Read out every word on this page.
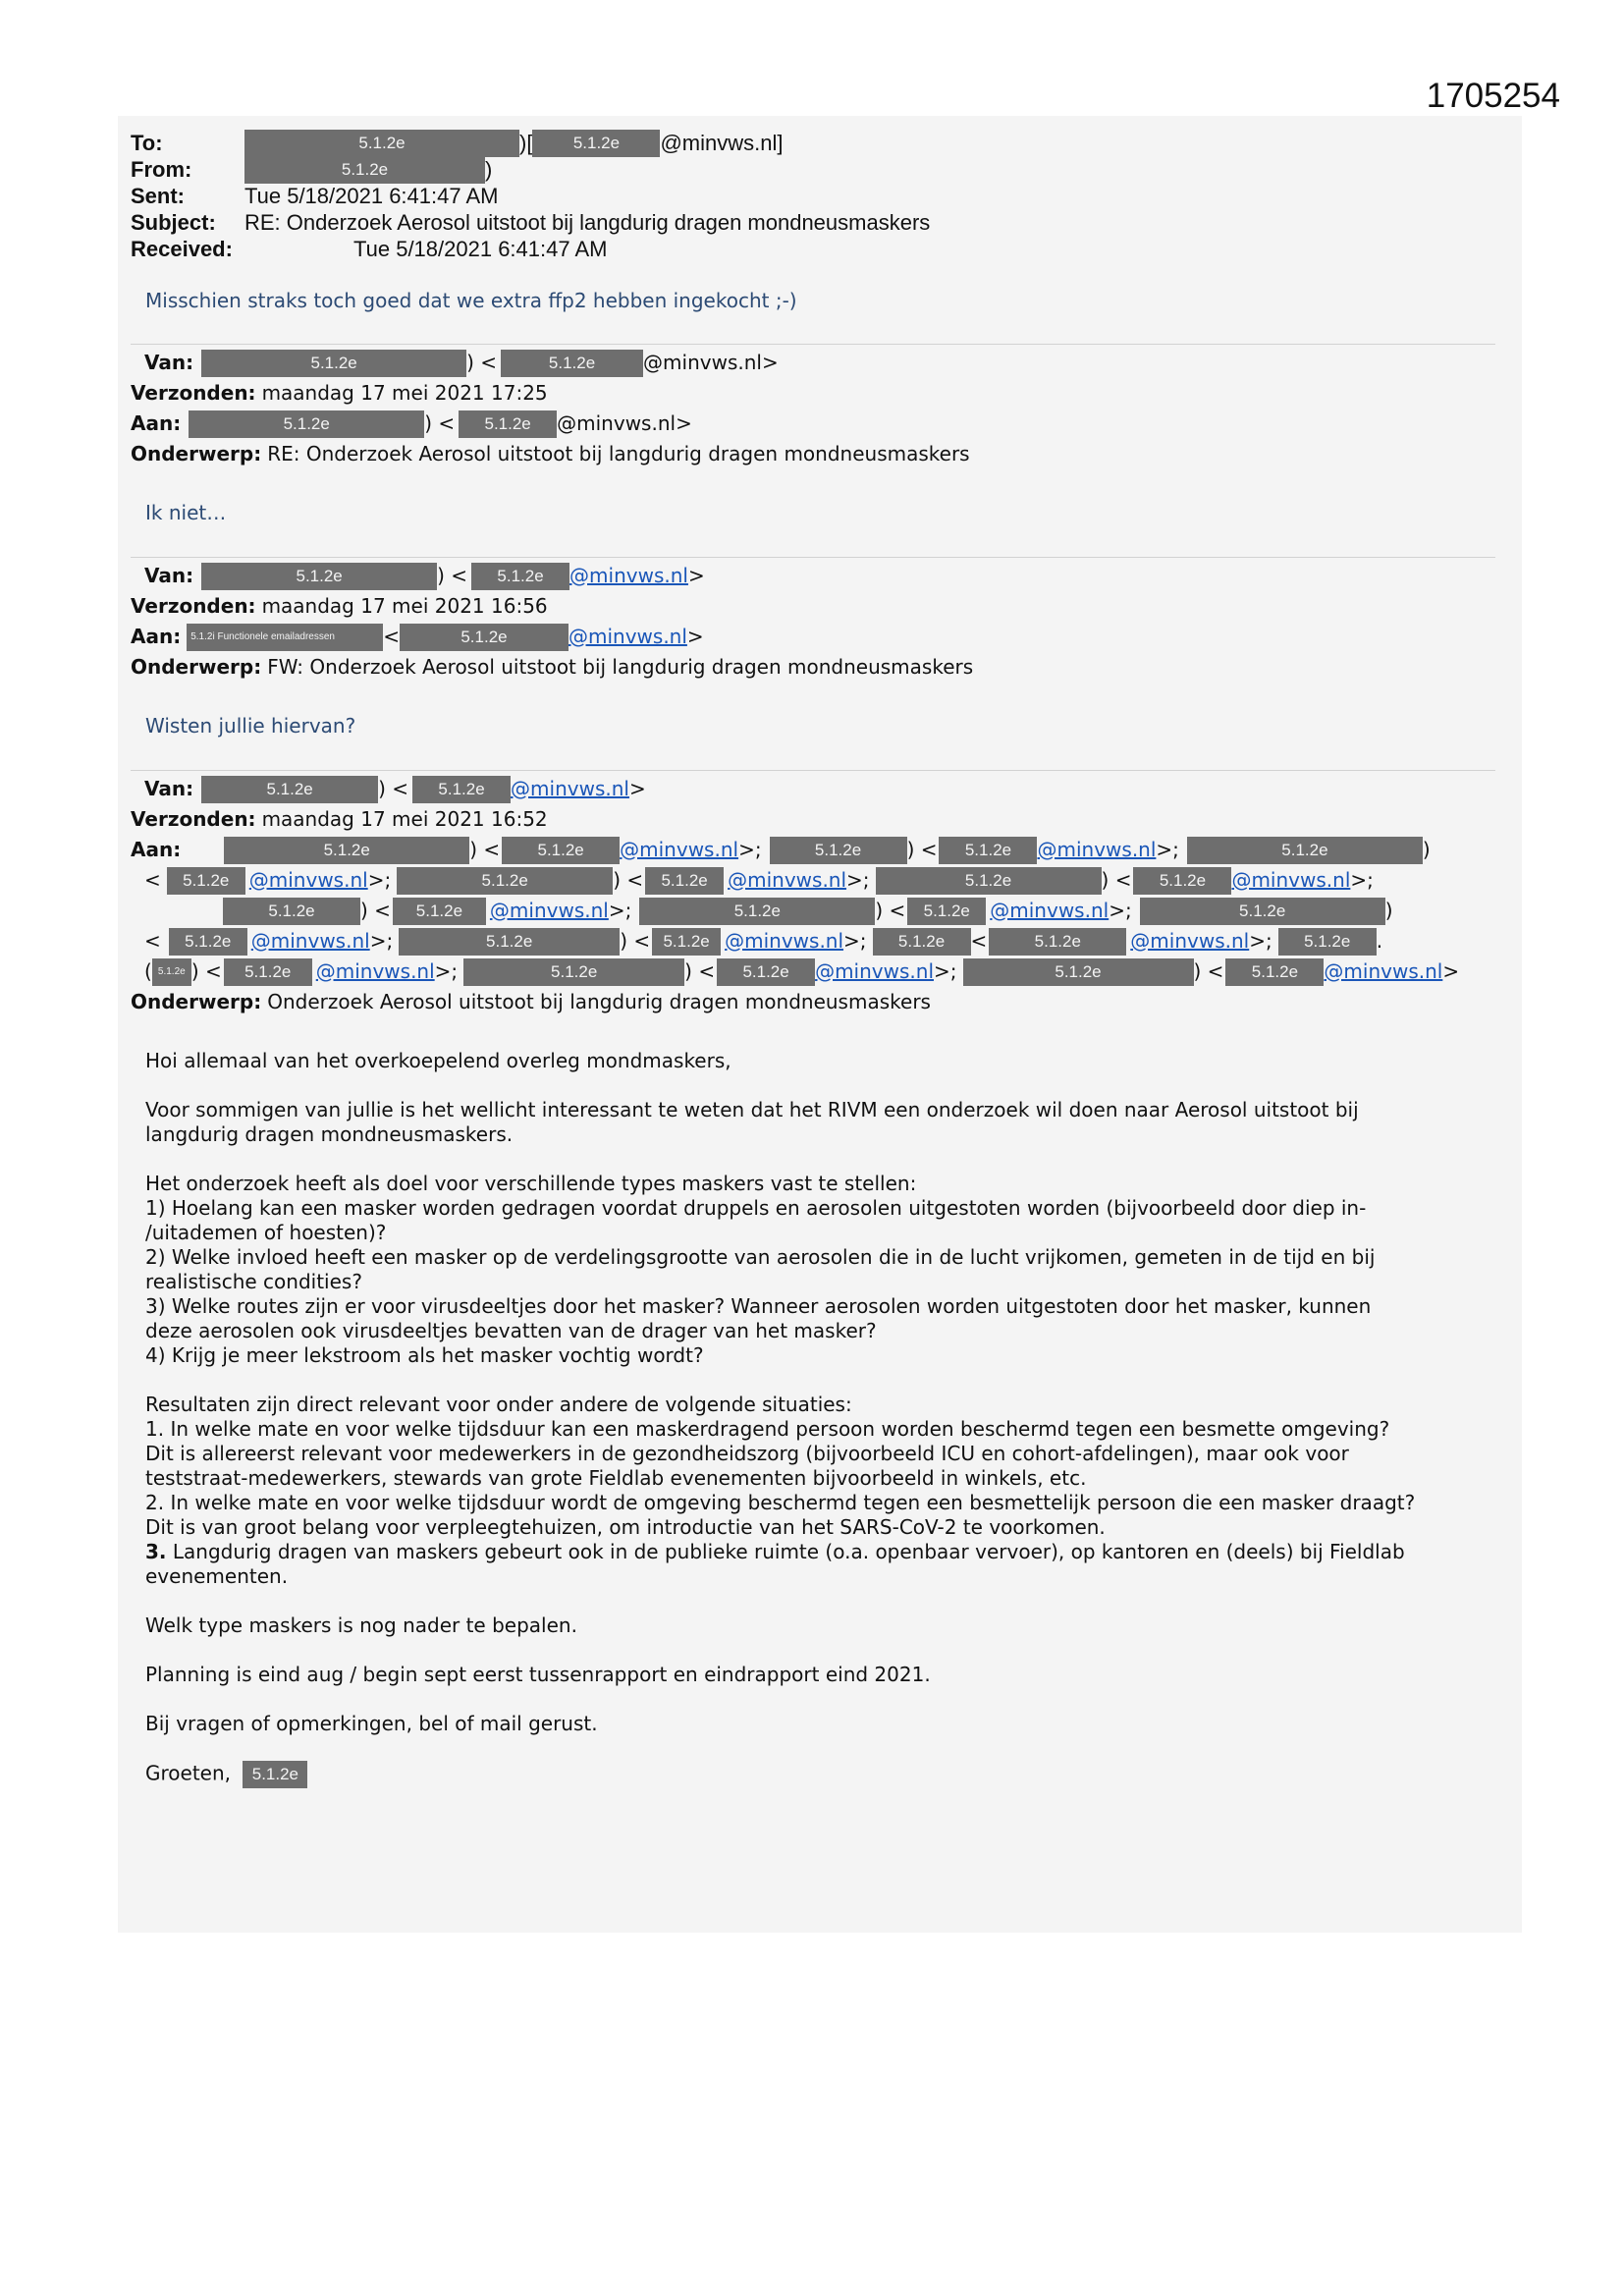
1705254
To:	5.1.2e	)[	5.1.2e	@minvws.nl]
From:	5.1.2e	)
Sent:	Tue 5/18/2021 6:41:47 AM
Subject:	RE: Onderzoek Aerosol uitstoot bij langdurig dragen mondneusmaskers
Received:	Tue 5/18/2021 6:41:47 AM
Misschien straks toch goed dat we extra ffp2 hebben ingekocht ;-)
Van:	5.1.2e	) <	5.1.2e	@minvws.nl >
Verzonden: maandag 17 mei 2021 17:25
Aan:	5.1.2e	) <	5.1.2e	@minvws.nl >
Onderwerp: RE: Onderzoek Aerosol uitstoot bij langdurig dragen mondneusmaskers
Ik niet…
Van:	5.1.2e	) <	5.1.2e	@minvws.nl >
Verzonden: maandag 17 mei 2021 16:56
Aan:	5.1.2i Functionele emailadressen	<	5.1.2e	@minvws.nl >
Onderwerp: FW: Onderzoek Aerosol uitstoot bij langdurig dragen mondneusmaskers
Wisten jullie hiervan?
Van:	5.1.2e	) <	5.1.2e	@minvws.nl >
Verzonden: maandag 17 mei 2021 16:52
Aan:	5.1.2e	) <	5.1.2e	@minvws.nl >;	5.1.2e	) <	5.1.2e	@minvws.nl >;	5.1.2e	)
<	5.1.2e	@minvws.nl >;	5.1.2e	) <	5.1.2e	@minvws.nl >;	5.1.2e	) <	5.1.2e	@minvws.nl >;
5.1.2e	) <	5.1.2e	@minvws.nl >;	5.1.2e	) <	5.1.2e	@minvws.nl >;	5.1.2e	)
<	5.1.2e	@minvws.nl >;	5.1.2e	) < 5.1.2e @minvws.nl >;	5.1.2e	<	5.1.2e	@minvws.nl >;	5.1.2e	.
( 5.1.2e ) <	5.1.2e	@minvws.nl >;	5.1.2e	) <	5.1.2e	@minvws.nl >;	5.1.2e	) <	5.1.2e	@minvws.nl >
Onderwerp: Onderzoek Aerosol uitstoot bij langdurig dragen mondneusmaskers

Hoi allemaal van het overkoepelend overleg mondmaskers,

Voor sommigen van jullie is het wellicht interessant te weten dat het RIVM een onderzoek wil doen naar Aerosol uitstoot bij
langdurig dragen mondneusmaskers.

Het onderzoek heeft als doel voor verschillende types maskers vast te stellen:
1) Hoelang kan een masker worden gedragen voordat druppels en aerosolen uitgestoten worden (bijvoorbeeld door diep in-
/uitademen of hoesten)?
2) Welke invloed heeft een masker op de verdelingsgrootte van aerosolen die in de lucht vrijkomen, gemeten in de tijd en bij
realistische condities?
3) Welke routes zijn er voor virusdeeltjes door het masker? Wanneer aerosolen worden uitgestoten door het masker, kunnen
deze aerosolen ook virusdeeltjes bevatten van de drager van het masker?
4) Krijg je meer lekstroom als het masker vochtig wordt?

Resultaten zijn direct relevant voor onder andere de volgende situaties:
1. In welke mate en voor welke tijdsduur kan een maskerdragend persoon worden beschermd tegen een besmette omgeving?
Dit is allereerst relevant voor medewerkers in de gezondheidszorg (bijvoorbeeld ICU en cohort-afdelingen), maar ook voor
teststraat-medewerkers, stewards van grote Fieldlab evenementen bijvoorbeeld in winkels, etc.
2. In welke mate en voor welke tijdsduur wordt de omgeving beschermd tegen een besmettelijk persoon die een masker draagt?
Dit is van groot belang voor verpleegtehuizen, om introductie van het SARS-CoV-2 te voorkomen.
3. Langdurig dragen van maskers gebeurt ook in de publieke ruimte (o.a. openbaar vervoer), op kantoren en (deels) bij Fieldlab
evenementen.

Welk type maskers is nog nader te bepalen.

Planning is eind aug / begin sept eerst tussenrapport en eindrapport eind 2021.

Bij vragen of opmerkingen, bel of mail gerust.

Groeten, 5.1.2e
